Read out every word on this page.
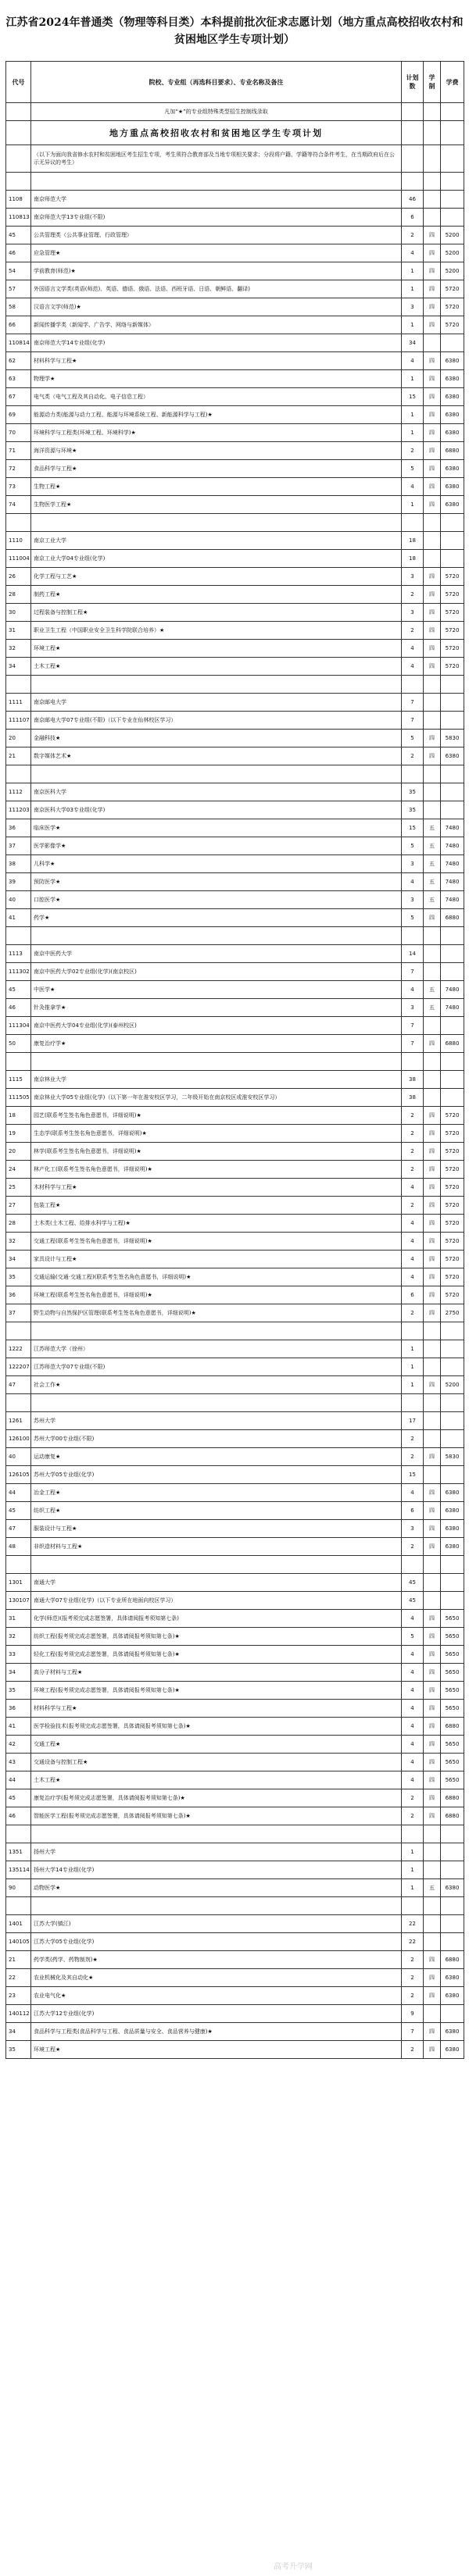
江苏省2024年普通类（物理等科目类）本科提前批次征求志愿计划（地方重点高校招收农村和贫困地区学生专项计划）
代号	院校、专业组（再选科目要求）、专业名称及备注	计划数	学制	学费
	凡加“★”的专业组特殊类型招生控制线录取			
	地方重点高校招收农村和贫困地区学生专项计划			
	（以下为面向我省修水农村和贫困地区考生招生专项，考生须符合教育部及当地专项相关要求；分段将户籍、学籍等符合条件考生，在当期政府后在公示无异议的考生）			

1108	南京师范大学	46		
110813	南京师范大学13专业组(不限)	6		
45	公共管理类（公共事业管理、行政管理）	2	四	5200
46	应急管理★	4	四	5200
54	学前教育(师范)★	1	四	5200
57	外国语言文学类(英语(师范)、英语、德语、俄语、法语、西班牙语、日语、朝鲜语、翻译)	1	四	5720
58	汉语言文学(师范)★	3	四	5720
66	新闻传播学类（新闻学、广告学、网络与新媒体）	1	四	5720
110814	南京师范大学14专业组(化学)	34		
62	材料科学与工程★	4	四	6380
63	物理学★	1	四	6380
67	电气类（电气工程及其自动化、电子信息工程）	15	四	6380
69	能源动力类(能源与动力工程、能源与环境系统工程、新能源科学与工程)★	1	四	6380
70	环境科学与工程类(环境工程、环境科学)★	1	四	6380
71	海洋资源与环境★	2	四	6880
72	食品科学与工程★	5	四	6380
73	生物工程★	4	四	6380
74	生物医学工程★	1	四	6380

1110	南京工业大学	18		
111004	南京工业大学04专业组(化学)	18		
26	化学工程与工艺★	3	四	5720
28	制药工程★	2	四	5720
30	过程装备与控制工程★	3	四	5720
31	职业卫生工程（中国职业安全卫生科学院联合培养）★	2	四	5720
32	环境工程★	4	四	5720
34	土木工程★	4	四	5720

1111	南京邮电大学	7		
111107	南京邮电大学07专业组(不限)（以下专业在仙林校区学习）	7		
20	金融科技★	5	四	5830
21	数字媒体艺术★	2	四	6380

1112	南京医科大学	35		
111203	南京医科大学03专业组(化学)	35		
36	临床医学★	15	五	7480
37	医学影像学★	5	五	7480
38	儿科学★	3	五	7480
39	预防医学★	4	五	7480
40	口腔医学★	3	五	7480
41	药学★	5	四	6880

1113	南京中医药大学	14		
111302	南京中医药大学02专业组(化学)(南京校区)	7		
45	中医学★	4	五	7480
46	针灸推拿学★	3	五	7480
111304	南京中医药大学04专业组(化学)(泰州校区)	7		
50	康复治疗学★	7	四	6880

1115	南京林业大学	38		
111505	南京林业大学05专业组(化学)（以下第一年在淮安校区学习，二年级开始在南京校区或淮安校区学习）	38		
18	园艺(联系考生签名角色意愿书，详细说明)★	2	四	5720
19	生态学(联系考生签名角色意愿书，详细说明)★	2	四	5720
20	林学(联系考生签名角色意愿书，详细说明)★	2	四	5720
24	林产化工(联系考生签名角色意愿书，详细说明)★	2	四	5720
25	木材科学与工程★	4	四	5720
27	包装工程★	2	四	5720
28	土木类(土木工程、给排水科学与工程)★	4	四	5720
32	交通工程(联系考生签名角色意愿书，详细说明)★	4	四	5720
34	家具设计与工程★	4	四	5720
35	交通运输(交通·交通工程)(联系考生签名角色意愿书，详细说明)★	4	四	5720
36	环境工程(联系考生签名角色意愿书，详细说明)★	6	四	5720
37	野生动物与自然保护区管理(联系考生签名角色意愿书，详细说明)★	2	四	2750

1222	江苏师范大学（徐州）	1		
122207	江苏师范大学07专业组(不限)	1		
47	社会工作★	1	四	5200

1261	苏州大学	17		
126100	苏州大学00专业组(不限)	2		
40	运动康复★	2	四	5830
126105	苏州大学05专业组(化学)	15		
44	冶金工程★	4	四	6380
45	纺织工程★	6	四	6380
47	服装设计与工程★	3	四	6380
48	非织造材料与工程★	2	四	6380

1301	南通大学	45		
130107	南通大学07专业组(化学)（以下专业所在地面向校区学习）	45		
31	化学(师范)(报考须完成志愿签署，具体请阅报考须知第七条)	4	四	5650
32	纺织工程(报考须完成志愿签署，具体请阅报考须知第七条)★	5	四	5650
33	轻化工程(报考须完成志愿签署，具体请阅报考须知第七条)★	4	四	5650
34	高分子材料与工程★	4	四	5650
35	环境工程(报考须完成志愿签署，具体请阅报考须知第七条)★	4	四	5650
36	材料科学与工程★	4	四	5650
41	医学检验技术(报考须完成志愿签署，具体请阅报考须知第七条)★	4	四	6880
42	交通工程★	4	四	5650
43	交通设备与控制工程★	4	四	5650
44	土木工程★	4	四	5650
45	康复治疗学(报考须完成志愿签署，具体请阅报考须知第七条)★	2	四	6880
46	智能医学工程(报考须完成志愿签署，具体请阅报考须知第七条)★	2	四	6880

1351	扬州大学	1		
135114	扬州大学14专业组(化学)	1		
90	动物医学★	1	五	6380

1401	江苏大学(镇江)	22		
140105	江苏大学05专业组(化学)	22		
21	药学类(药学、药物制剂)★	2	四	6880
22	农业机械化及其自动化★	2	四	6380
23	农业电气化★	2	四	6380
140112	江苏大学12专业组(化学)	9		
34	食品科学与工程类(食品科学与工程、食品质量与安全、食品营养与健康)★	7	四	6380
35	环境工程★	2	四	6380
高考升学网
